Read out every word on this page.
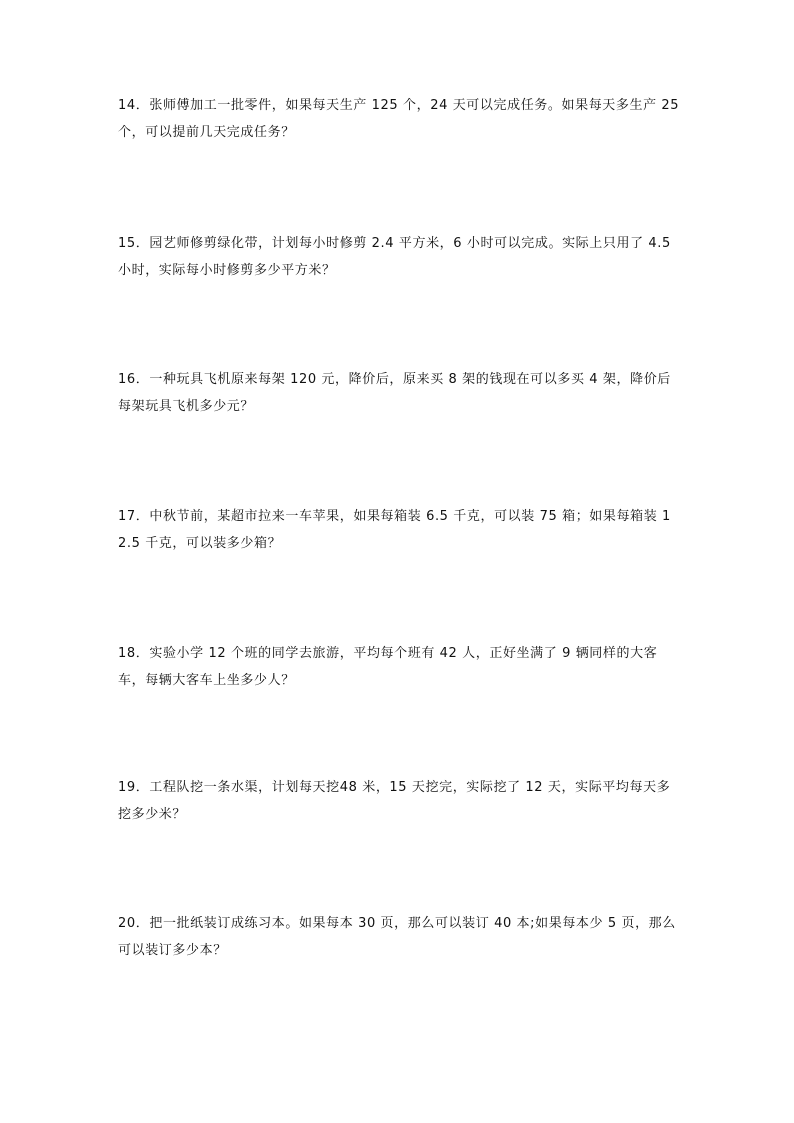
14．张师傅加工一批零件，如果每天生产 125 个，24 天可以完成任务。如果每天多生产 25 个，可以提前几天完成任务？

15．园艺师修剪绿化带，计划每小时修剪 2.4 平方米，6 小时可以完成。实际上只用了 4.5 小时，实际每小时修剪多少平方米？

16．一种玩具飞机原来每架 120 元，降价后，原来买 8 架的钱现在可以多买 4 架，降价后每架玩具飞机多少元？

17．中秋节前，某超市拉来一车苹果，如果每箱装 6.5 千克，可以装 75 箱；如果每箱装 12.5 千克，可以装多少箱？

18．实验小学 12 个班的同学去旅游，平均每个班有 42 人，正好坐满了 9 辆同样的大客车，每辆大客车上坐多少人？

19．工程队挖一条水渠，计划每天挖48 米，15 天挖完，实际挖了 12 天，实际平均每天多挖多少米？

20．把一批纸装订成练习本。如果每本 30 页，那么可以装订 40 本;如果每本少 5 页，那么可以装订多少本？
